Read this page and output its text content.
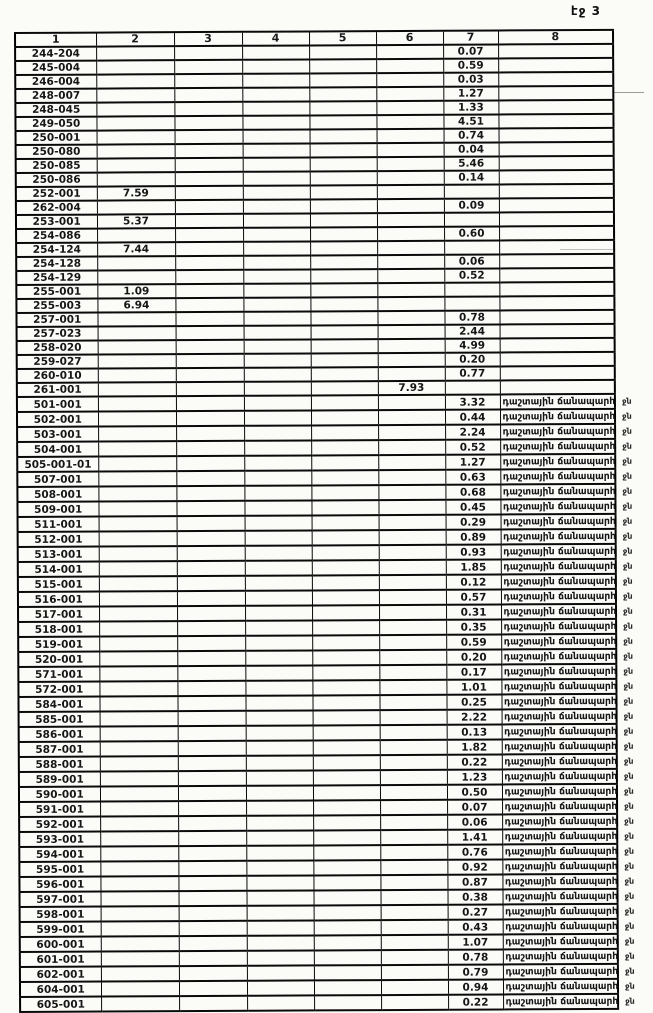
էջ 3
1	2	3	4	5	6	7	8
244-204						0.07	
245-004						0.59	
246-004						0.03	
248-007						1.27	
248-045						1.33	
249-050						4.51	
250-001						0.74	
250-080						0.04	
250-085						5.46	
250-086						0.14	
252-001	7.59						
262-004						0.09	
253-001	5.37						
254-086						0.60	
254-124	7.44						
254-128						0.06	
254-129						0.52	
255-001	1.09						
255-003	6.94						
257-001						0.78	
257-023						2.44	
258-020						4.99	
259-027						0.20	
260-010						0.77	
261-001					7.93		
501-001						3.32	դաշտային ճանապարհ ջն

502-001						0.44	դաշտային ճանապարհ ջն

503-001						2.24	դաշտային ճանապարհ ջն

504-001						0.52	դաշտային ճանապարհ ջն

505-001-01						1.27	դաշտային ճանապարհ ջն

507-001						0.63	դաշտային ճանապարհ ջն

508-001						0.68	դաշտային ճանապարհ ջն

509-001						0.45	դաշտային ճանապարհ ջն

511-001						0.29	դաշտային ճանապարհ ջն

512-001						0.89	դաշտային ճանապարհ ջն

513-001						0.93	դաշտային ճանապարհ ջն

514-001						1.85	դաշտային ճանապարհ ջն

515-001						0.12	դաշտային ճանապարհ ջն

516-001						0.57	դաշտային ճանապարհ ջն

517-001						0.31	դաշտային ճանապարհ ջն

518-001						0.35	դաշտային ճանապարհ ջն

519-001						0.59	դաշտային ճանապարհ ջն

520-001						0.20	դաշտային ճանապարհ ջն

571-001						0.17	դաշտային ճանապարհ ջն

572-001						1.01	դաշտային ճանապարհ ջն

584-001						0.25	դաշտային ճանապարհ ջն

585-001						2.22	դաշտային ճանապարհ ջն

586-001						0.13	դաշտային ճանապարհ ջն

587-001						1.82	դաշտային ճանապարհ ջն

588-001						0.22	դաշտային ճանապարհ ջն

589-001						1.23	դաշտային ճանապարհ ջն

590-001						0.50	դաշտային ճանապարհ ջն

591-001						0.07	դաշտային ճանապարհ ջն

592-001						0.06	դաշտային ճանապարհ ջն

593-001						1.41	դաշտային ճանապարհ ջն

594-001						0.76	դաշտային ճանապարհ ջն

595-001						0.92	դաշտային ճանապարհ ջն

596-001						0.87	դաշտային ճանապարհ ջն

597-001						0.38	դաշտային ճանապարհ ջն

598-001						0.27	դաշտային ճանապարհ ջն

599-001						0.43	դաշտային ճանապարհ ջն

600-001						1.07	դաշտային ճանապարհ ջն

601-001						0.78	դաշտային ճանապարհ ջն

602-001						0.79	դաշտային ճանապարհ ջն

604-001						0.94	դաշտային ճանապարհ ջն

605-001						0.22	դաշտային ճանապարհ ջն
